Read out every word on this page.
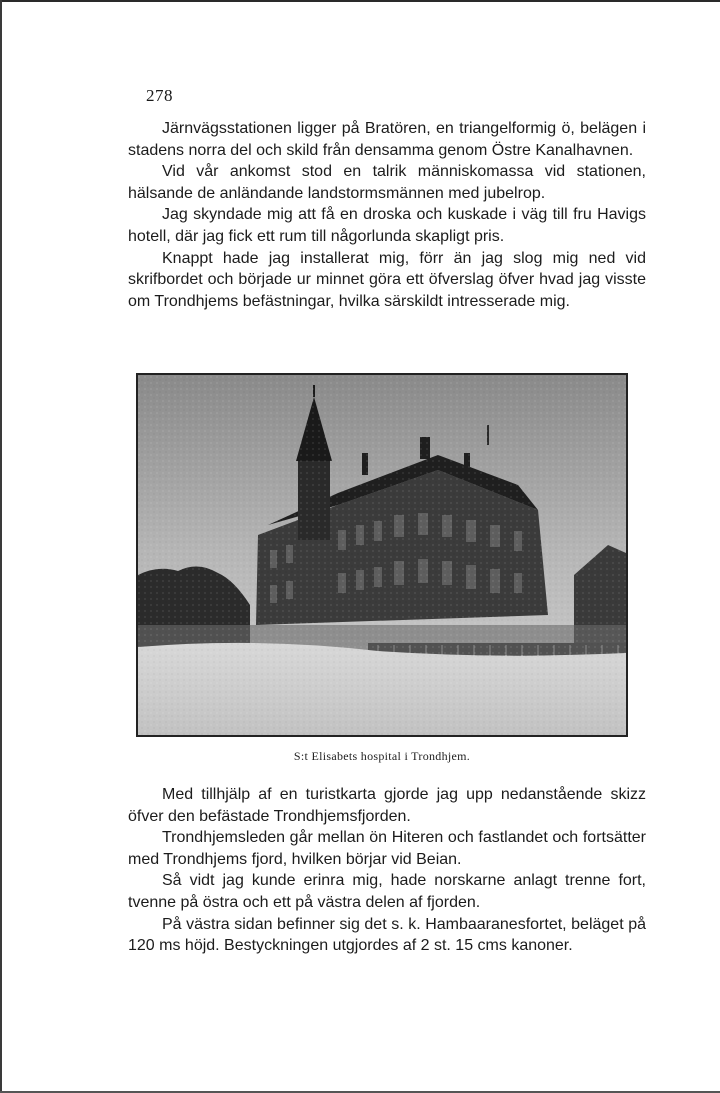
278

Järnvägsstationen ligger på Bratören, en triangelformig ö, belägen i stadens norra del och skild från densamma genom Östre Kanalhavnen.

Vid vår ankomst stod en talrik människomassa vid stationen, hälsande de anländande landstormsmännen med jubelrop.

Jag skyndade mig att få en droska och kuskade i väg till fru Havigs hotell, där jag fick ett rum till någorlunda skapligt pris.

Knappt hade jag installerat mig, förr än jag slog mig ned vid skrifbordet och började ur minnet göra ett öfverslag öfver hvad jag visste om Trondhjems befästningar, hvilka särskildt intresserade mig.

S:t Elisabets hospital i Trondhjem.

Med tillhjälp af en turistkarta gjorde jag upp nedanstående skizz öfver den befästade Trondhjemsfjorden.

Trondhjemsleden går mellan ön Hiteren och fastlandet och fortsätter med Trondhjems fjord, hvilken börjar vid Beian.

Så vidt jag kunde erinra mig, hade norskarne anlagt trenne fort, tvenne på östra och ett på västra delen af fjorden.

På västra sidan befinner sig det s. k. Hambaaranesfortet, beläget på 120 ms höjd. Bestyckningen utgjordes af 2 st. 15 cms kanoner.
